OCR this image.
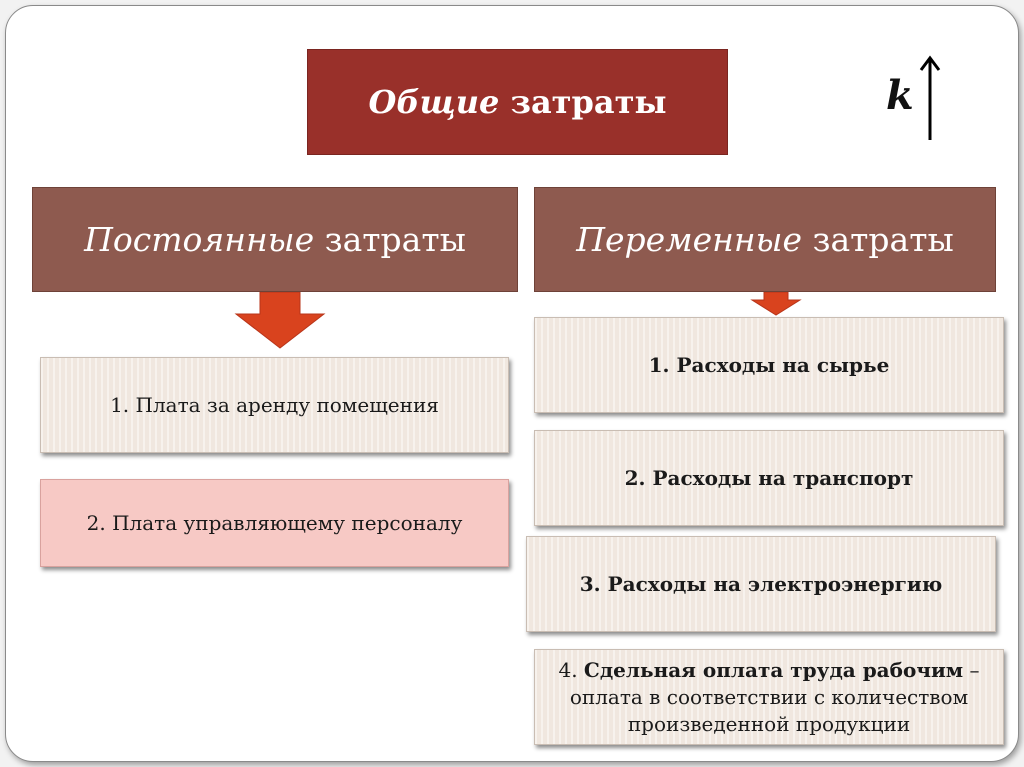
Общие затраты	k
Постоянные затраты	Переменные затраты
1. Плата за аренду помещения
2. Плата управляющему персоналу
1. Расходы на сырье
2. Расходы на транспорт
3. Расходы на электроэнергию
4. Сдельная оплата труда рабочим – оплата в соответствии с количеством произведенной продукции
